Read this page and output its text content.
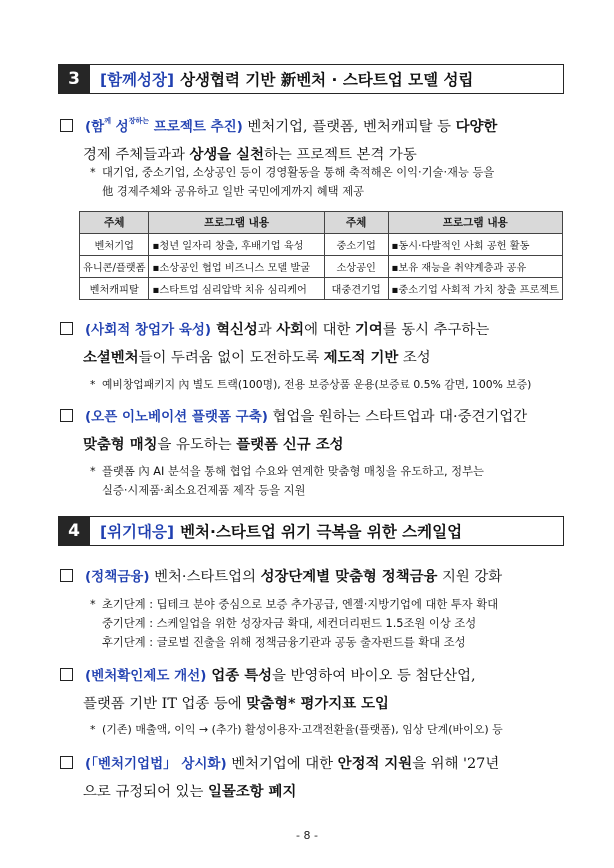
3	[함께성장] 상생협력 기반 新벤처 · 스타트업 모델 성립
(함$^께$ 성$^{장하는}$ 프로젝트 추진) 벤처기업, 플랫폼, 벤처캐피탈 등 다양한
경제 주체들과과 상생을 실천하는 프로젝트 본격 가동
* 대기업, 중소기업, 소상공인 등이 경영활동을 통해 축적해온 이익·기술·재능 등을
他 경제주체와 공유하고 일반 국민에게까지 혜택 제공
주체	프로그램 내용	주체	프로그램 내용
벤처기업	▪청년 일자리 창출, 후배기업 육성	중소기업	▪동시·다발적인 사회 공헌 활동
유니콘/플랫폼	▪소상공인 협업 비즈니스 모델 발굴	소상공인	▪보유 재능을 취약계층과 공유
벤처캐피탈	▪스타트업 심리압박 치유 심리케어	대중견기업	▪중소기업 사회적 가치 창출 프로젝트
(사회적 창업가 육성) 혁신성과 사회에 대한 기여를 동시 추구하는
소셜벤처들이 두려움 없이 도전하도록 제도적 기반 조성
* 예비창업패키지 內 별도 트랙(100명), 전용 보증상품 운용(보증료 0.5% 감면, 100% 보증)
(오픈 이노베이션 플랫폼 구축) 협업을 원하는 스타트업과 대·중견기업간
맞춤형 매칭을 유도하는 플랫폼 신규 조성
* 플랫폼 內 AI 분석을 통해 협업 수요와 연계한 맞춤형 매칭을 유도하고, 정부는
실증·시제품·최소요건제품 제작 등을 지원
4	[위기대응] 벤처·스타트업 위기 극복을 위한 스케일업
(정책금융) 벤처·스타트업의 성장단계별 맞춤형 정책금융 지원 강화
* 초기단계 : 딥테크 분야 중심으로 보증 추가공급, 엔젤·지방기업에 대한 투자 확대
중기단계 : 스케일업을 위한 성장자금 확대, 세컨더리펀드 1.5조원 이상 조성
후기단계 : 글로벌 진출을 위해 정책금융기관과 공동 출자펀드를 확대 조성
(벤처확인제도 개선) 업종 특성을 반영하여 바이오 등 첨단산업,
플랫폼 기반 IT 업종 등에 맞춤형* 평가지표 도입
* (기존) 매출액, 이익 → (추가) 활성이용자·고객전환율(플랫폼), 임상 단계(바이오) 등
(「벤처기업법」 상시화) 벤처기업에 대한 안정적 지원을 위해 '27년
으로 규정되어 있는 일몰조항 폐지
- 8 -
